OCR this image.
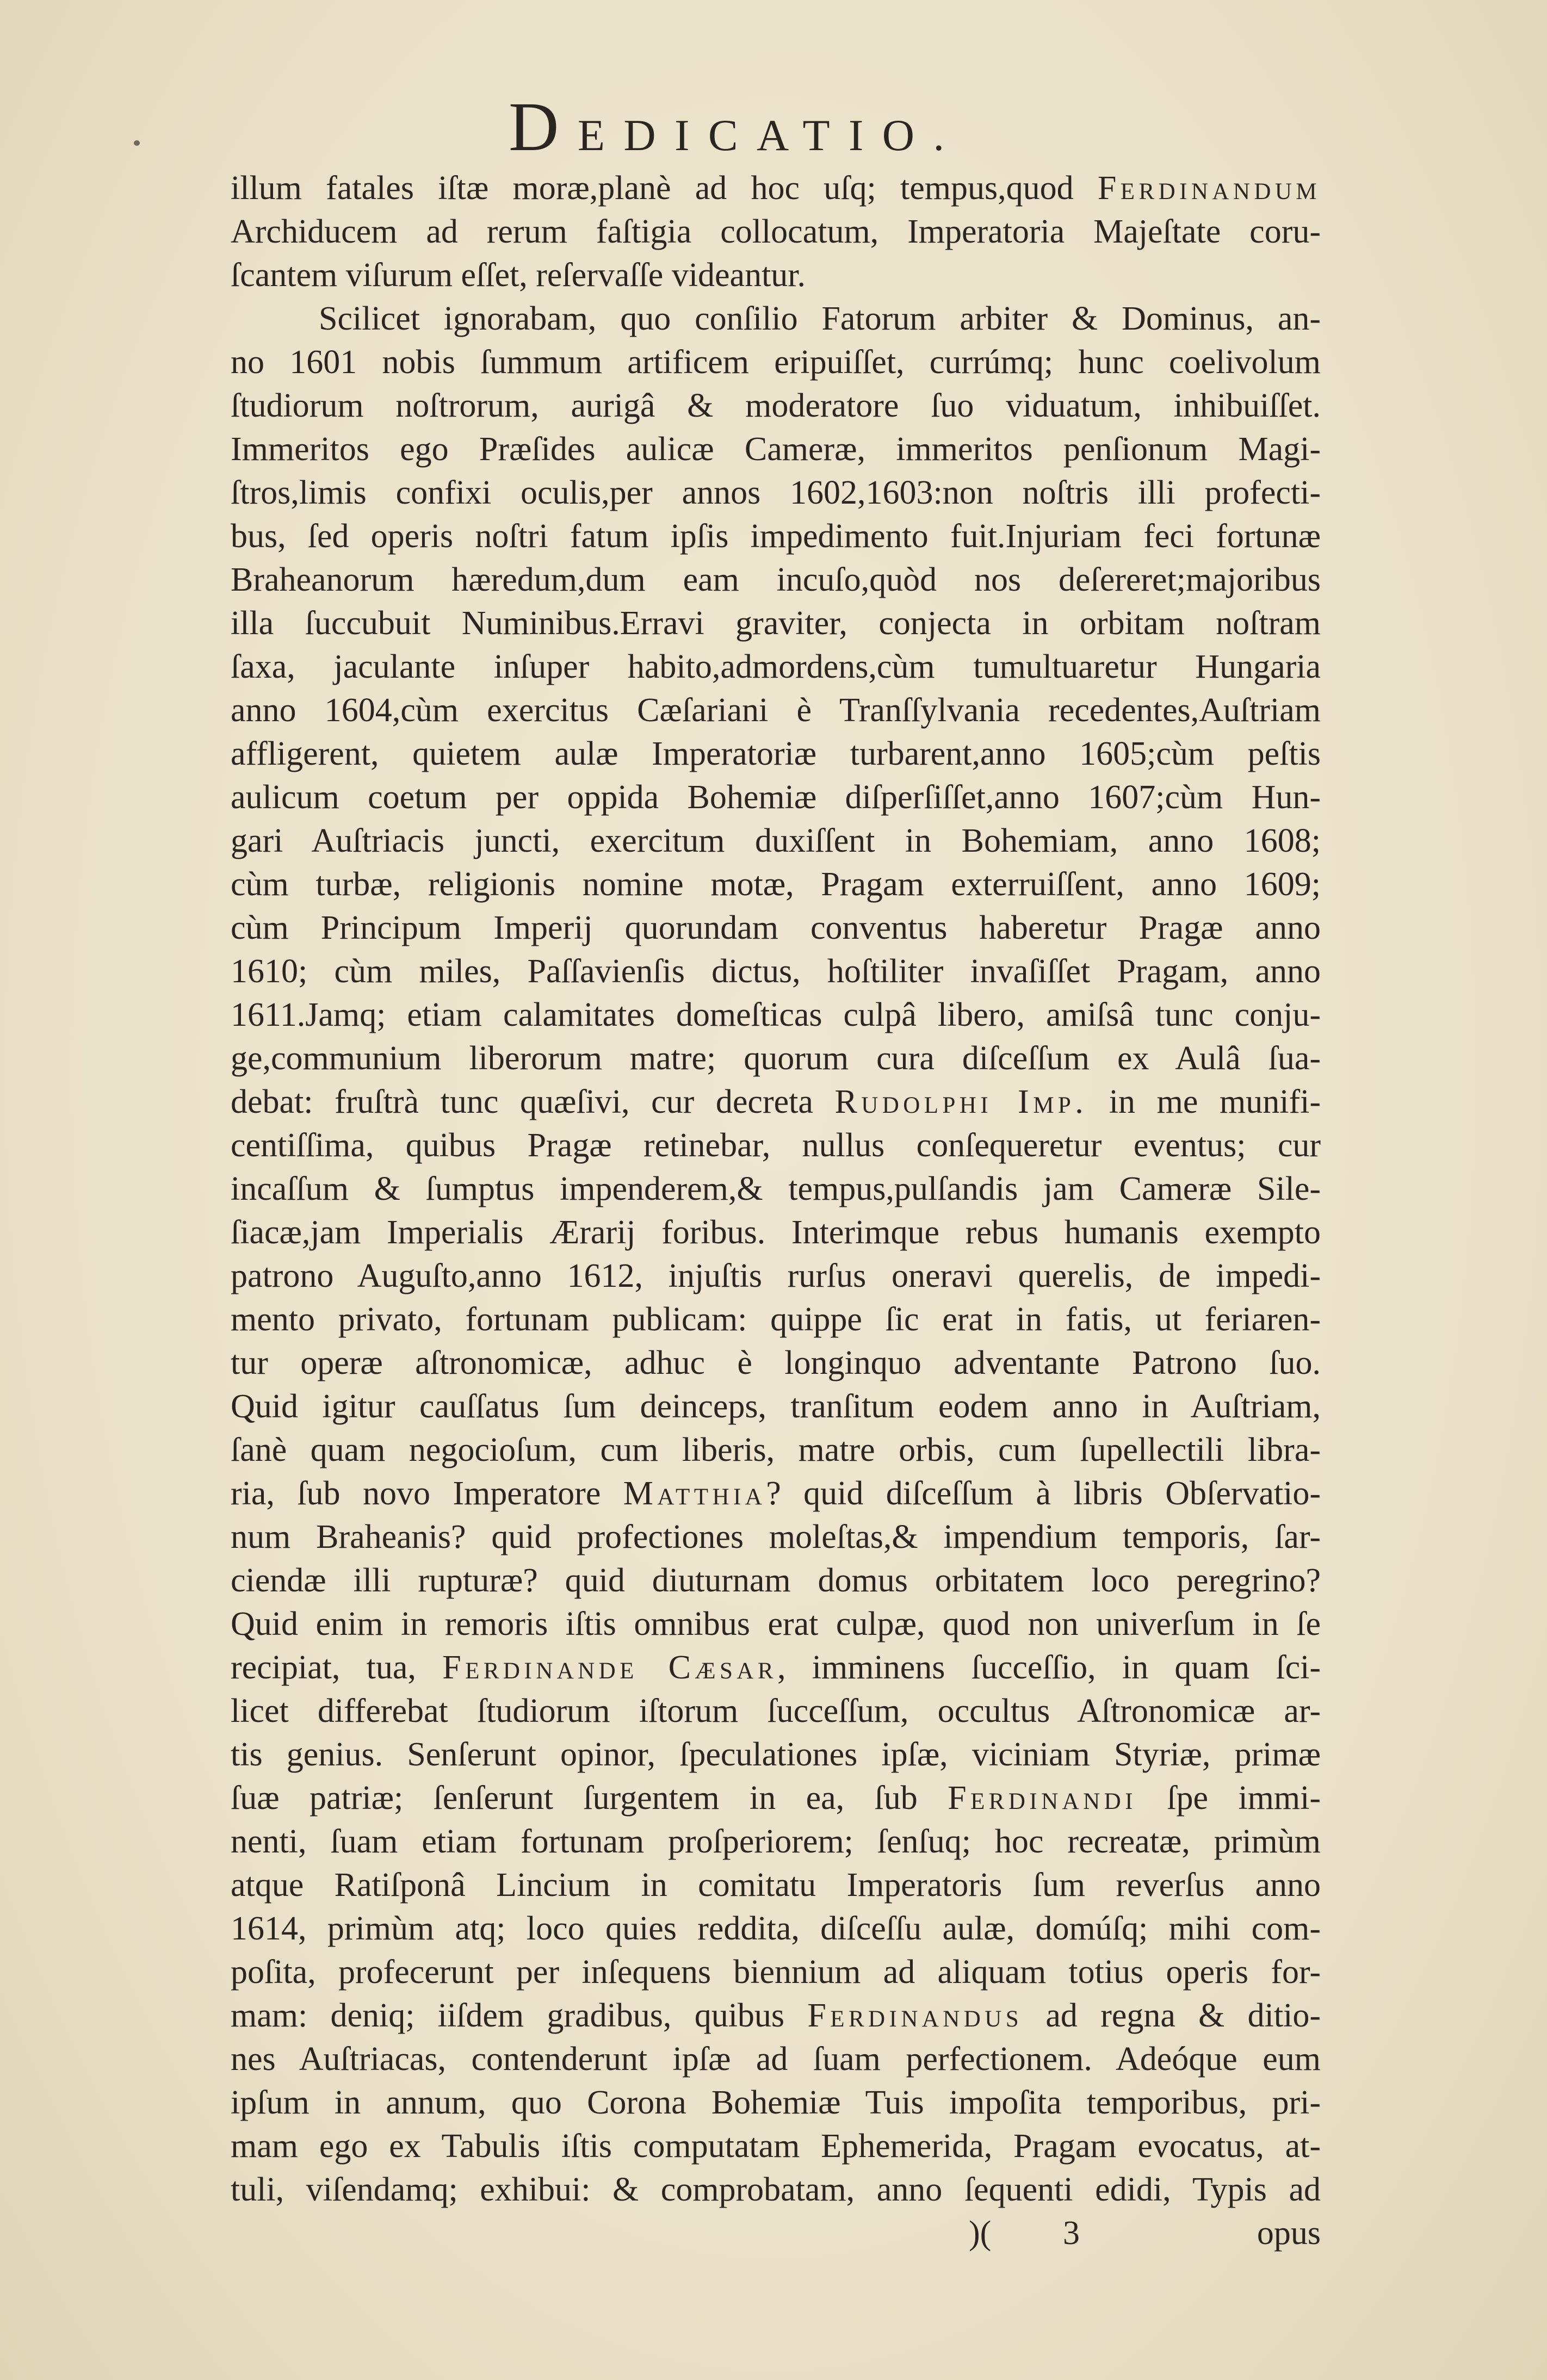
DEDICATIO.
illum fatales iſtæ moræ,planè ad hoc uſq; tempus,quod Ferdinandum
Archiducem ad rerum faſtigia collocatum, Imperatoria Majeſtate coru-
ſcantem viſurum eſſet, reſervaſſe videantur.
Scilicet ignorabam, quo conſilio Fatorum arbiter & Dominus, an-
no 1601 nobis ſummum artificem eripuiſſet, currúmq; hunc coelivolum
ſtudiorum noſtrorum, aurigâ & moderatore ſuo viduatum, inhibuiſſet.
Immeritos ego Præſides aulicæ Cameræ, immeritos penſionum Magi-
ſtros,limis confixi oculis,per annos 1602,1603:non noſtris illi profecti-
bus, ſed operis noſtri fatum ipſis impedimento fuit.Injuriam feci fortunæ
Braheanorum hæredum,dum eam incuſo,quòd nos deſereret;majoribus
illa ſuccubuit Numinibus.Erravi graviter, conjecta in orbitam noſtram
ſaxa, jaculante inſuper habito,admordens,cùm tumultuaretur Hungaria
anno 1604,cùm exercitus Cæſariani è Tranſſylvania recedentes,Auſtriam
affligerent, quietem aulæ Imperatoriæ turbarent,anno 1605;cùm peſtis
aulicum coetum per oppida Bohemiæ diſperſiſſet,anno 1607;cùm Hun-
gari Auſtriacis juncti, exercitum duxiſſent in Bohemiam, anno 1608;
cùm turbæ, religionis nomine motæ, Pragam exterruiſſent, anno 1609;
cùm Principum Imperij quorundam conventus haberetur Pragæ anno
1610; cùm miles, Paſſavienſis dictus, hoſtiliter invaſiſſet Pragam, anno
1611.Jamq; etiam calamitates domeſticas culpâ libero, amiſsâ tunc conju-
ge,communium liberorum matre; quorum cura diſceſſum ex Aulâ ſua-
debat: fruſtrà tunc quæſivi, cur decreta Rudolphi Imp. in me munifi-
centiſſima, quibus Pragæ retinebar, nullus conſequeretur eventus; cur
incaſſum & ſumptus impenderem,& tempus,pulſandis jam Cameræ Sile-
ſiacæ,jam Imperialis Ærarij foribus. Interimque rebus humanis exempto
patrono Auguſto,anno 1612, injuſtis rurſus oneravi querelis, de impedi-
mento privato, fortunam publicam: quippe ſic erat in fatis, ut feriaren-
tur operæ aſtronomicæ, adhuc è longinquo adventante Patrono ſuo.
Quid igitur cauſſatus ſum deinceps, tranſitum eodem anno in Auſtriam,
ſanè quam negocioſum, cum liberis, matre orbis, cum ſupellectili libra-
ria, ſub novo Imperatore Matthia? quid diſceſſum à libris Obſervatio-
num Braheanis? quid profectiones moleſtas,& impendium temporis, ſar-
ciendæ illi rupturæ? quid diuturnam domus orbitatem loco peregrino?
Quid enim in remoris iſtis omnibus erat culpæ, quod non univerſum in ſe
recipiat, tua, Ferdinande Cæsar, imminens ſucceſſio, in quam ſci-
licet differebat ſtudiorum iſtorum ſucceſſum, occultus Aſtronomicæ ar-
tis genius. Senſerunt opinor, ſpeculationes ipſæ, viciniam Styriæ, primæ
ſuæ patriæ; ſenſerunt ſurgentem in ea, ſub Ferdinandi ſpe immi-
nenti, ſuam etiam fortunam proſperiorem; ſenſuq; hoc recreatæ, primùm
atque Ratiſponâ Lincium in comitatu Imperatoris ſum reverſus anno
1614, primùm atq; loco quies reddita, diſceſſu aulæ, domúſq; mihi com-
poſita, profecerunt per inſequens biennium ad aliquam totius operis for-
mam: deniq; iiſdem gradibus, quibus Ferdinandus ad regna & ditio-
nes Auſtriacas, contenderunt ipſæ ad ſuam perfectionem. Adeóque eum
ipſum in annum, quo Corona Bohemiæ Tuis impoſita temporibus, pri-
mam ego ex Tabulis iſtis computatam Ephemerida, Pragam evocatus, at-
tuli, viſendamq; exhibui: & comprobatam, anno ſequenti edidi, Typis ad
)( 3	opus
